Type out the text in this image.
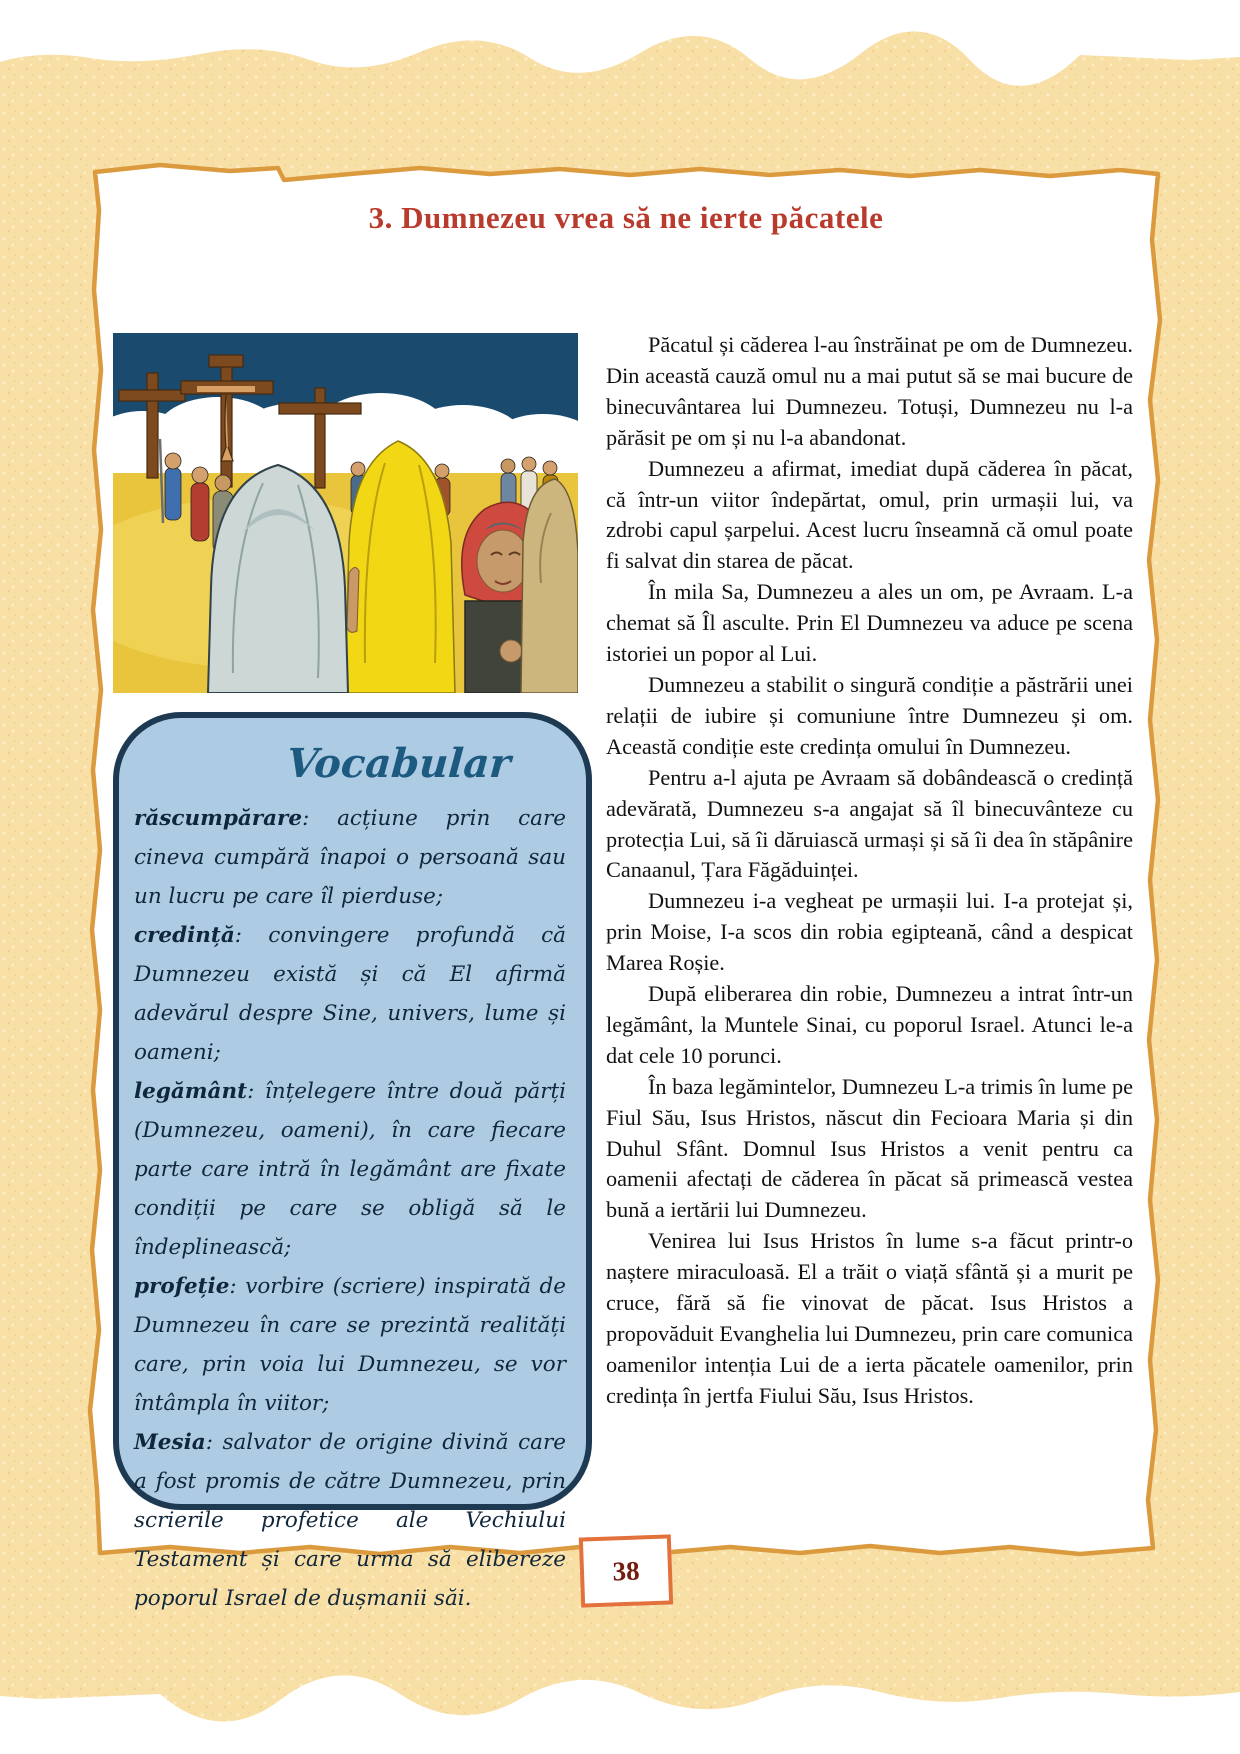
3. Dumnezeu vrea să ne ierte păcatele
Vocabular

răscumpărare: acțiune prin care cineva cumpără înapoi o persoană sau un lucru pe care îl pierduse;

credință: convingere profundă că Dumnezeu există și că El afirmă adevărul despre Sine, univers, lume și oameni;

legământ: înțelegere între două părți (Dumnezeu, oameni), în care fiecare parte care intră în legământ are fixate condiții pe care se obligă să le îndeplinească;

profeție: vorbire (scriere) inspirată de Dumnezeu în care se prezintă realități care, prin voia lui Dumnezeu, se vor întâmpla în viitor;

Mesia: salvator de origine divină care a fost promis de către Dumnezeu, prin scrierile profetice ale Vechiului Testament și care urma să elibereze poporul Israel de dușmanii săi.

Păcatul și căderea l-au înstrăinat pe om de Dumnezeu. Din această cauză omul nu a mai putut să se mai bucure de binecuvântarea lui Dumnezeu. Totuși, Dumnezeu nu l-a părăsit pe om și nu l-a abandonat.

Dumnezeu a afirmat, imediat după căderea în păcat, că într-un viitor îndepărtat, omul, prin urmașii lui, va zdrobi capul șarpelui. Acest lucru înseamnă că omul poate fi salvat din starea de păcat.

În mila Sa, Dumnezeu a ales un om, pe Avraam. L-a chemat să Îl asculte. Prin El Dumnezeu va aduce pe scena istoriei un popor al Lui.

Dumnezeu a stabilit o singură condiție a păstrării unei relații de iubire și comuniune între Dumnezeu și om. Această condiție este credința omului în Dumnezeu.

Pentru a-l ajuta pe Avraam să dobândească o credință adevărată, Dumnezeu s-a angajat să îl binecuvânteze cu protecția Lui, să îi dăruiască urmași și să îi dea în stăpânire Canaanul, Țara Făgăduinței.

Dumnezeu i-a vegheat pe urmașii lui. I-a protejat și, prin Moise, I-a scos din robia egipteană, când a despicat Marea Roșie.

După eliberarea din robie, Dumnezeu a intrat într-un legământ, la Muntele Sinai, cu poporul Israel. Atunci le-a dat cele 10 porunci.

În baza legămintelor, Dumnezeu L-a trimis în lume pe Fiul Său, Isus Hristos, născut din Fecioara Maria și din Duhul Sfânt. Domnul Isus Hristos a venit pentru ca oamenii afectați de căderea în păcat să primească vestea bună a iertării lui Dumnezeu.

Venirea lui Isus Hristos în lume s-a făcut printr-o naștere miraculoasă. El a trăit o viață sfântă și a murit pe cruce, fără să fie vinovat de păcat. Isus Hristos a propovăduit Evanghelia lui Dumnezeu, prin care comunica oamenilor intenția Lui de a ierta păcatele oamenilor, prin credința în jertfa Fiului Său, Isus Hristos.

38
